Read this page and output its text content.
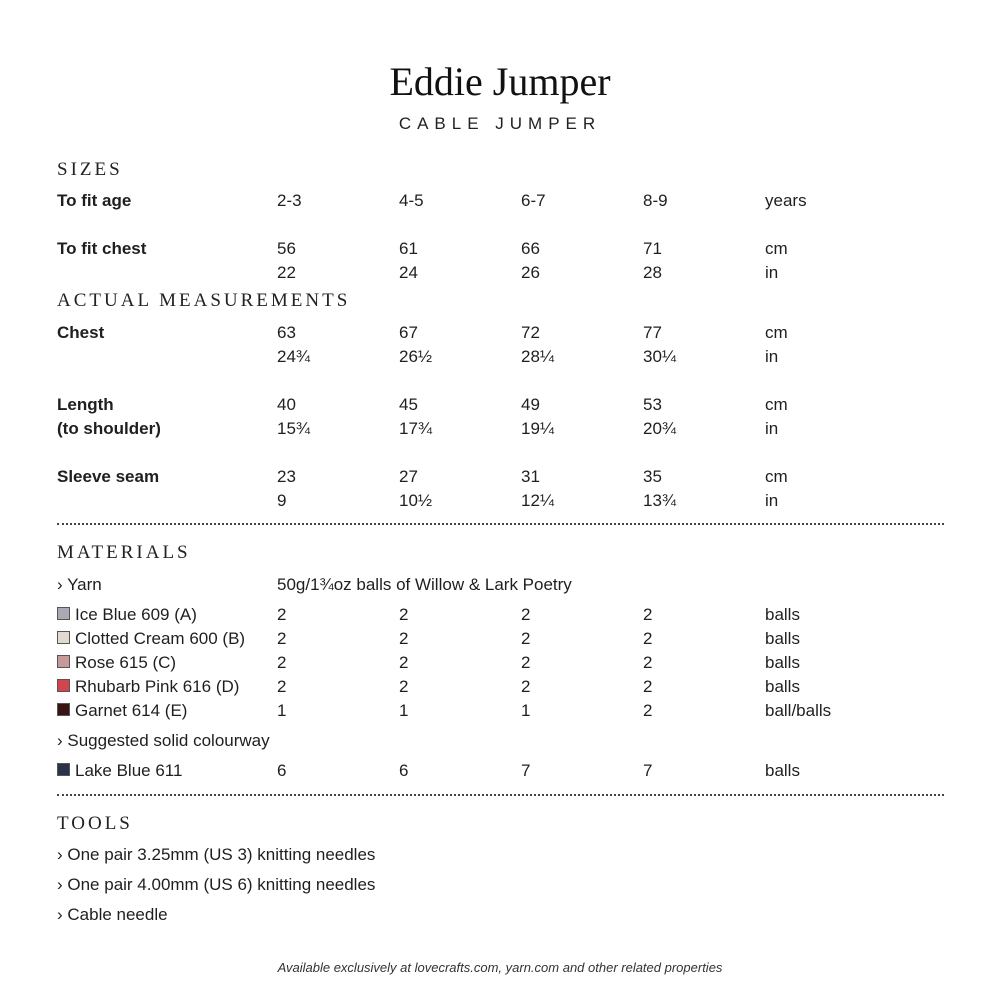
Eddie Jumper
CABLE JUMPER
SIZES
To fit age	2-3	4-5	6-7	8-9	years
To fit chest	56	61	66	71	cm
22	24	26	28	in
ACTUAL MEASUREMENTS
Chest	63	67	72	77	cm
24¾	26½	28¼	30¼	in
Length	40	45	49	53	cm
(to shoulder)	15¾	17¾	19¼	20¾	in
Sleeve seam	23	27	31	35	cm
9	10½	12¼	13¾	in
MATERIALS
› Yarn	50g/1¾oz balls of Willow & Lark Poetry
Ice Blue 609 (A)	2	2	2	2	balls
Clotted Cream 600 (B) 2	2	2	2	balls
Rose 615 (C)	2	2	2	2	balls
Rhubarb Pink 616 (D) 2	2	2	2	balls
Garnet 614 (E)	1	1	1	2	ball/balls
› Suggested solid colourway
Lake Blue 611	6	6	7	7	balls
TOOLS
› One pair 3.25mm (US 3) knitting needles
› One pair 4.00mm (US 6) knitting needles
› Cable needle
Available exclusively at lovecrafts.com, yarn.com and other related properties
